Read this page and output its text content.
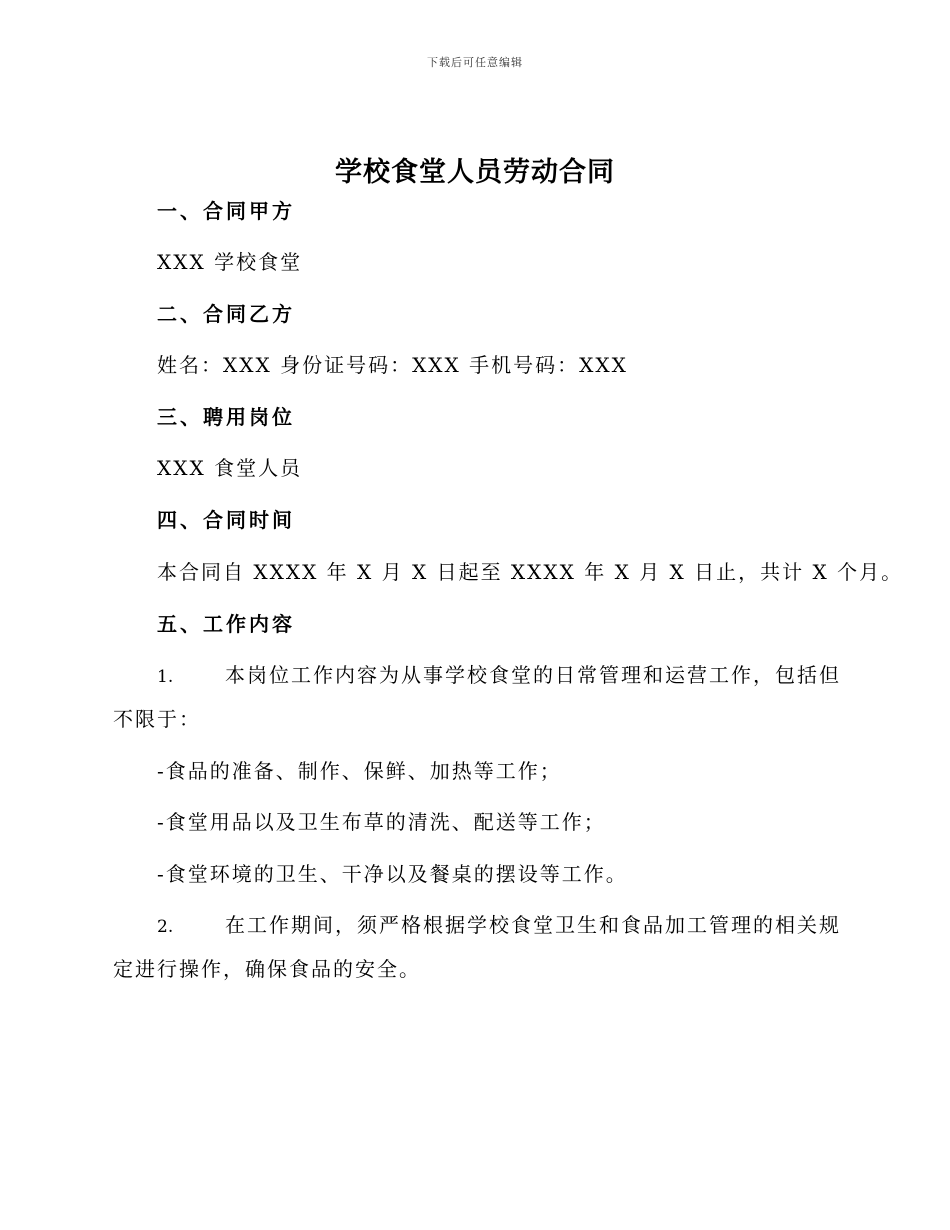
下载后可任意编辑
学校食堂人员劳动合同
一、合同甲方
XXX 学校食堂
二、合同乙方
姓名：XXX 身份证号码：XXX 手机号码：XXX
三、聘用岗位
XXX 食堂人员
四、合同时间
本合同自 XXXX 年 X 月 X 日起至 XXXX 年 X 月 X 日止，共计 X 个月。
五、工作内容
1.	本岗位工作内容为从事学校食堂的日常管理和运营工作，包括但
不限于：
-食品的准备、制作、保鲜、加热等工作；
-食堂用品以及卫生布草的清洗、配送等工作；
-食堂环境的卫生、干净以及餐桌的摆设等工作。
2.	在工作期间，须严格根据学校食堂卫生和食品加工管理的相关规
定进行操作，确保食品的安全。
